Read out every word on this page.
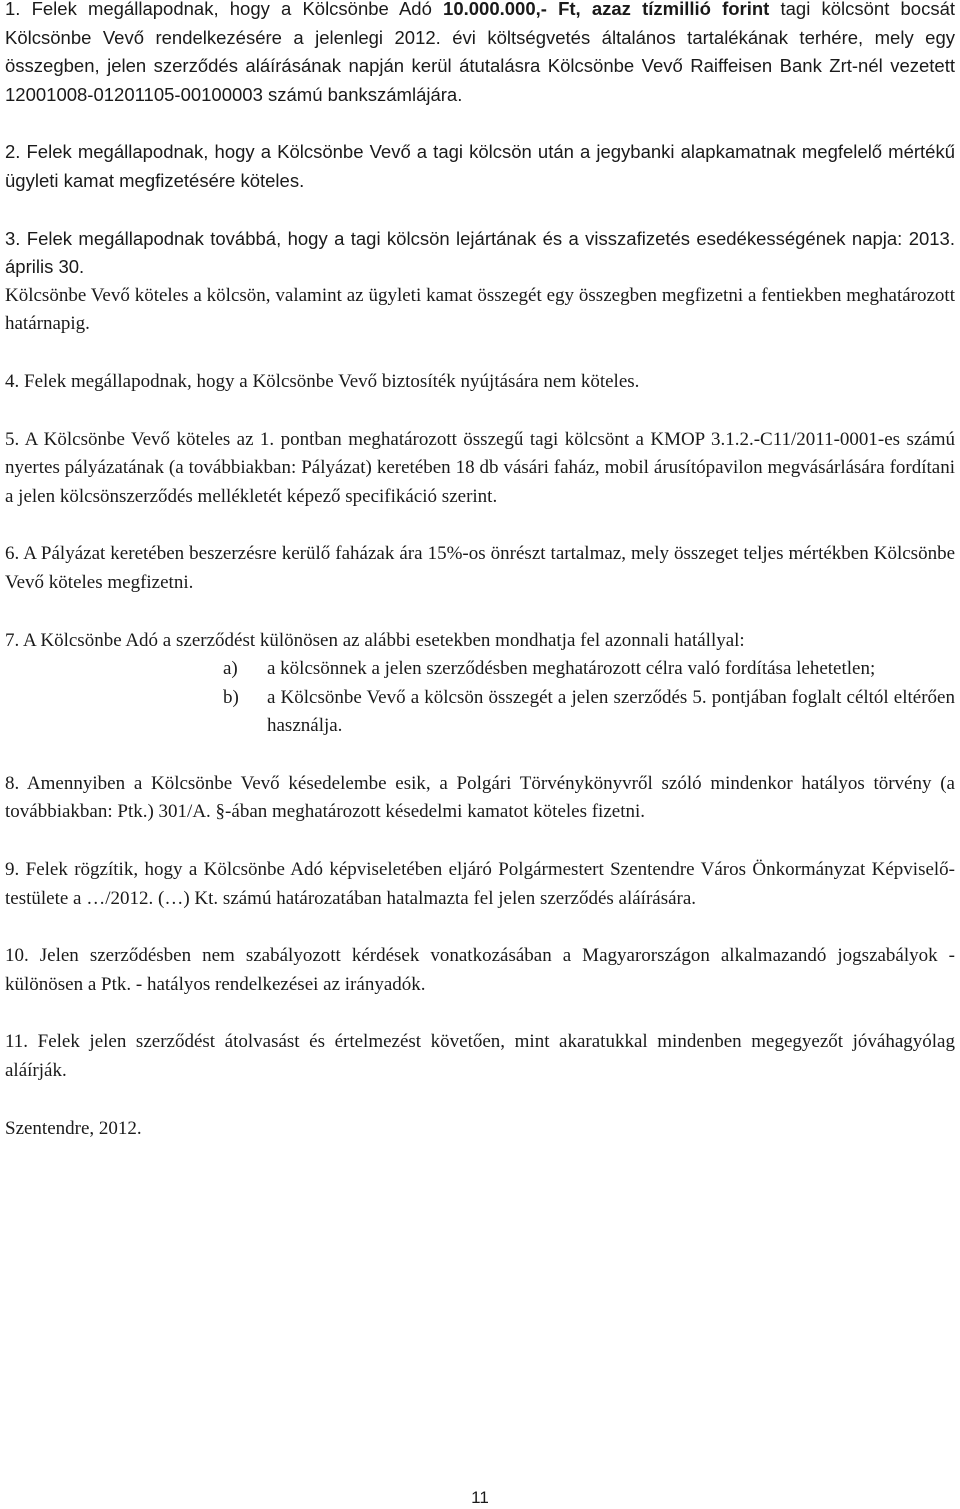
1. Felek megállapodnak, hogy a Kölcsönbe Adó 10.000.000,- Ft, azaz tízmillió forint tagi kölcsönt bocsát Kölcsönbe Vevő rendelkezésére a jelenlegi 2012. évi költségvetés általános tartalékának terhére, mely egy összegben, jelen szerződés aláírásának napján kerül átutalásra Kölcsönbe Vevő Raiffeisen Bank Zrt-nél vezetett 12001008-01201105-00100003 számú bankszámlájára.

2. Felek megállapodnak, hogy a Kölcsönbe Vevő a tagi kölcsön után a jegybanki alapkamatnak megfelelő mértékű ügyleti kamat megfizetésére köteles.

3. Felek megállapodnak továbbá, hogy a tagi kölcsön lejártának és a visszafizetés esedékességének napja: 2013. április 30.

Kölcsönbe Vevő köteles a kölcsön, valamint az ügyleti kamat összegét egy összegben megfizetni a fentiekben meghatározott határnapig.

4. Felek megállapodnak, hogy a Kölcsönbe Vevő biztosíték nyújtására nem köteles.

5. A Kölcsönbe Vevő köteles az 1. pontban meghatározott összegű tagi kölcsönt a KMOP 3.1.2.-C11/2011-0001-es számú nyertes pályázatának (a továbbiakban: Pályázat) keretében 18 db vásári faház, mobil árusítópavilon megvásárlására fordítani a jelen kölcsönszerződés mellékletét képező specifikáció szerint.

6. A Pályázat keretében beszerzésre kerülő faházak ára 15%-os önrészt tartalmaz, mely összeget teljes mértékben Kölcsönbe Vevő köteles megfizetni.

7. A Kölcsönbe Adó a szerződést különösen az alábbi esetekben mondhatja fel azonnali hatállyal:

a) a kölcsönnek a jelen szerződésben meghatározott célra való fordítása lehetetlen;
b) a Kölcsönbe Vevő a kölcsön összegét a jelen szerződés 5. pontjában foglalt céltól eltérően használja.

8. Amennyiben a Kölcsönbe Vevő késedelembe esik, a Polgári Törvénykönyvről szóló mindenkor hatályos törvény (a továbbiakban: Ptk.) 301/A. §-ában meghatározott késedelmi kamatot köteles fizetni.

9. Felek rögzítik, hogy a Kölcsönbe Adó képviseletében eljáró Polgármestert Szentendre Város Önkormányzat Képviselő-testülete a …/2012. (…) Kt. számú határozatában hatalmazta fel jelen szerződés aláírására.

10. Jelen szerződésben nem szabályozott kérdések vonatkozásában a Magyarországon alkalmazandó jogszabályok - különösen a Ptk. - hatályos rendelkezései az irányadók.

11. Felek jelen szerződést átolvasást és értelmezést követően, mint akaratukkal mindenben megegyezőt jóváhagyólag aláírják.

Szentendre, 2012.

11
